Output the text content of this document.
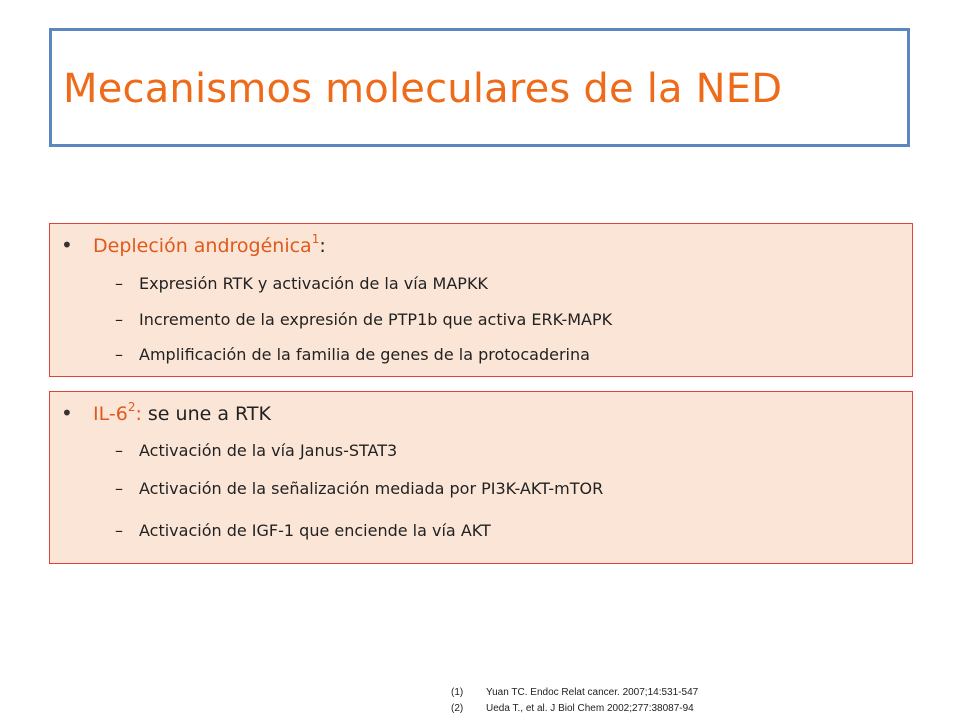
Mecanismos moleculares de la NED
• Depleción androgénica$^1$:
– Expresión RTK y activación de la vía MAPKK
– Incremento de la expresión de PTP1b que activa ERK-MAPK
– Amplificación de la familia de genes de la protocaderina
• $IL-6^2$: se une a RTK
– Activación de la vía Janus-STAT3
– Activación de la señalización mediada por PI3K-AKT-mTOR
– Activación de IGF-1 que enciende la vía AKT
(1) Yuan TC. Endoc Relat cancer. 2007;14:531-547
(2) Ueda T., et al. J Biol Chem 2002;277:38087-94
